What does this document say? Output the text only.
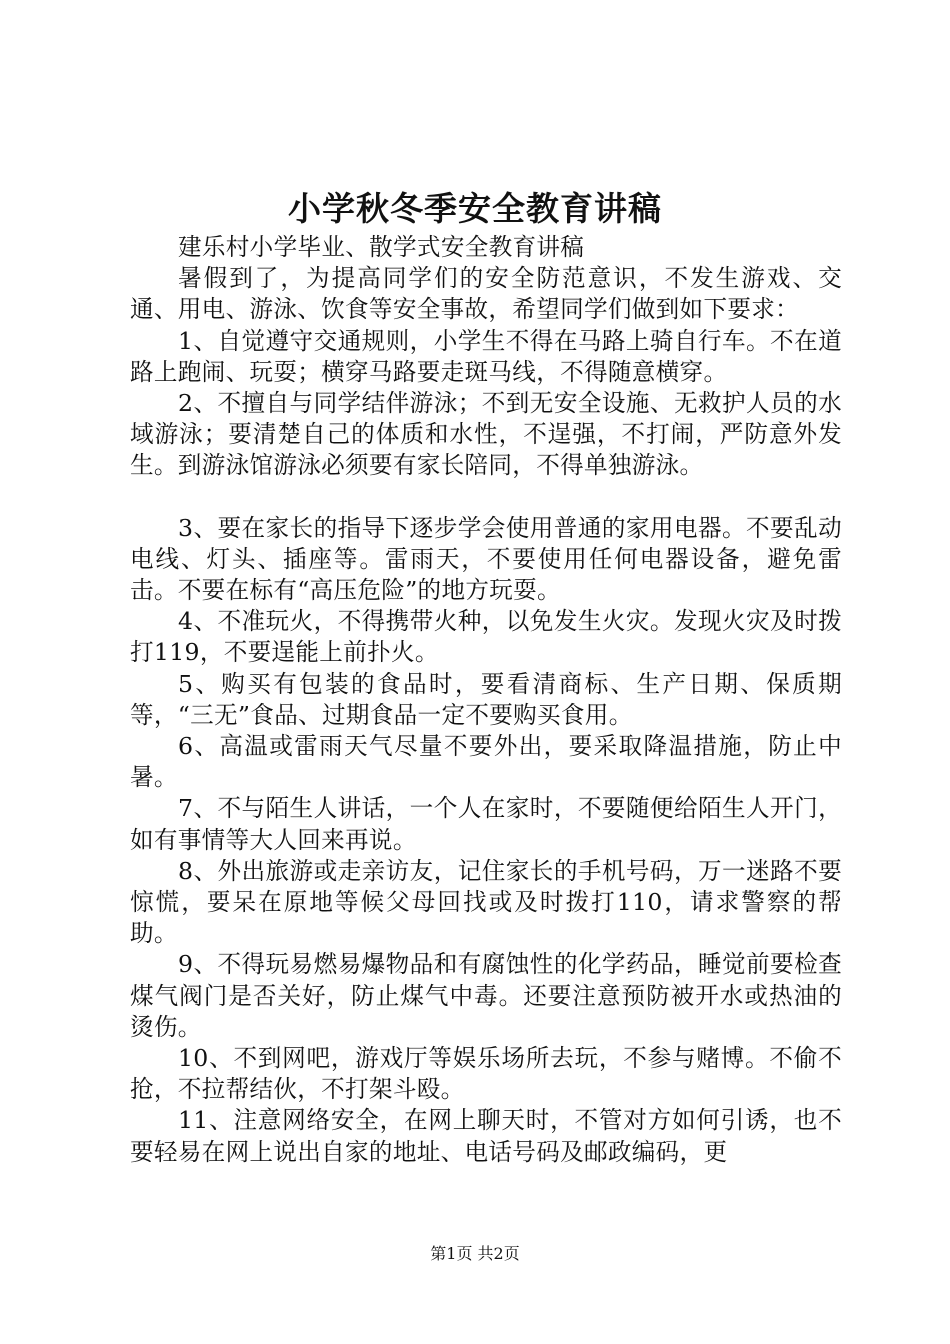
小学秋冬季安全教育讲稿

建乐村小学毕业、散学式安全教育讲稿

暑假到了，为提高同学们的安全防范意识，不发生游戏、交通、用电、游泳、饮食等安全事故，希望同学们做到如下要求：

1、自觉遵守交通规则，小学生不得在马路上骑自行车。不在道路上跑闹、玩耍；横穿马路要走斑马线，不得随意横穿。

2、不擅自与同学结伴游泳；不到无安全设施、无救护人员的水域游泳；要清楚自己的体质和水性，不逞强，不打闹，严防意外发生。到游泳馆游泳必须要有家长陪同，不得单独游泳。

3、要在家长的指导下逐步学会使用普通的家用电器。不要乱动电线、灯头、插座等。雷雨天，不要使用任何电器设备，避免雷击。不要在标有“高压危险”的地方玩耍。

4、不准玩火，不得携带火种，以免发生火灾。发现火灾及时拨打119，不要逞能上前扑火。

5、购买有包装的食品时，要看清商标、生产日期、保质期等，“三无”食品、过期食品一定不要购买食用。

6、高温或雷雨天气尽量不要外出，要采取降温措施，防止中暑。

7、不与陌生人讲话，一个人在家时，不要随便给陌生人开门，如有事情等大人回来再说。

8、外出旅游或走亲访友，记住家长的手机号码，万一迷路不要惊慌，要呆在原地等候父母回找或及时拨打110，请求警察的帮助。

9、不得玩易燃易爆物品和有腐蚀性的化学药品，睡觉前要检查煤气阀门是否关好，防止煤气中毒。还要注意预防被开水或热油的烫伤。

10、不到网吧，游戏厅等娱乐场所去玩，不参与赌博。不偷不抢，不拉帮结伙，不打架斗殴。

11、注意网络安全，在网上聊天时，不管对方如何引诱，也不要轻易在网上说出自家的地址、电话号码及邮政编码，更

第1页 共2页
